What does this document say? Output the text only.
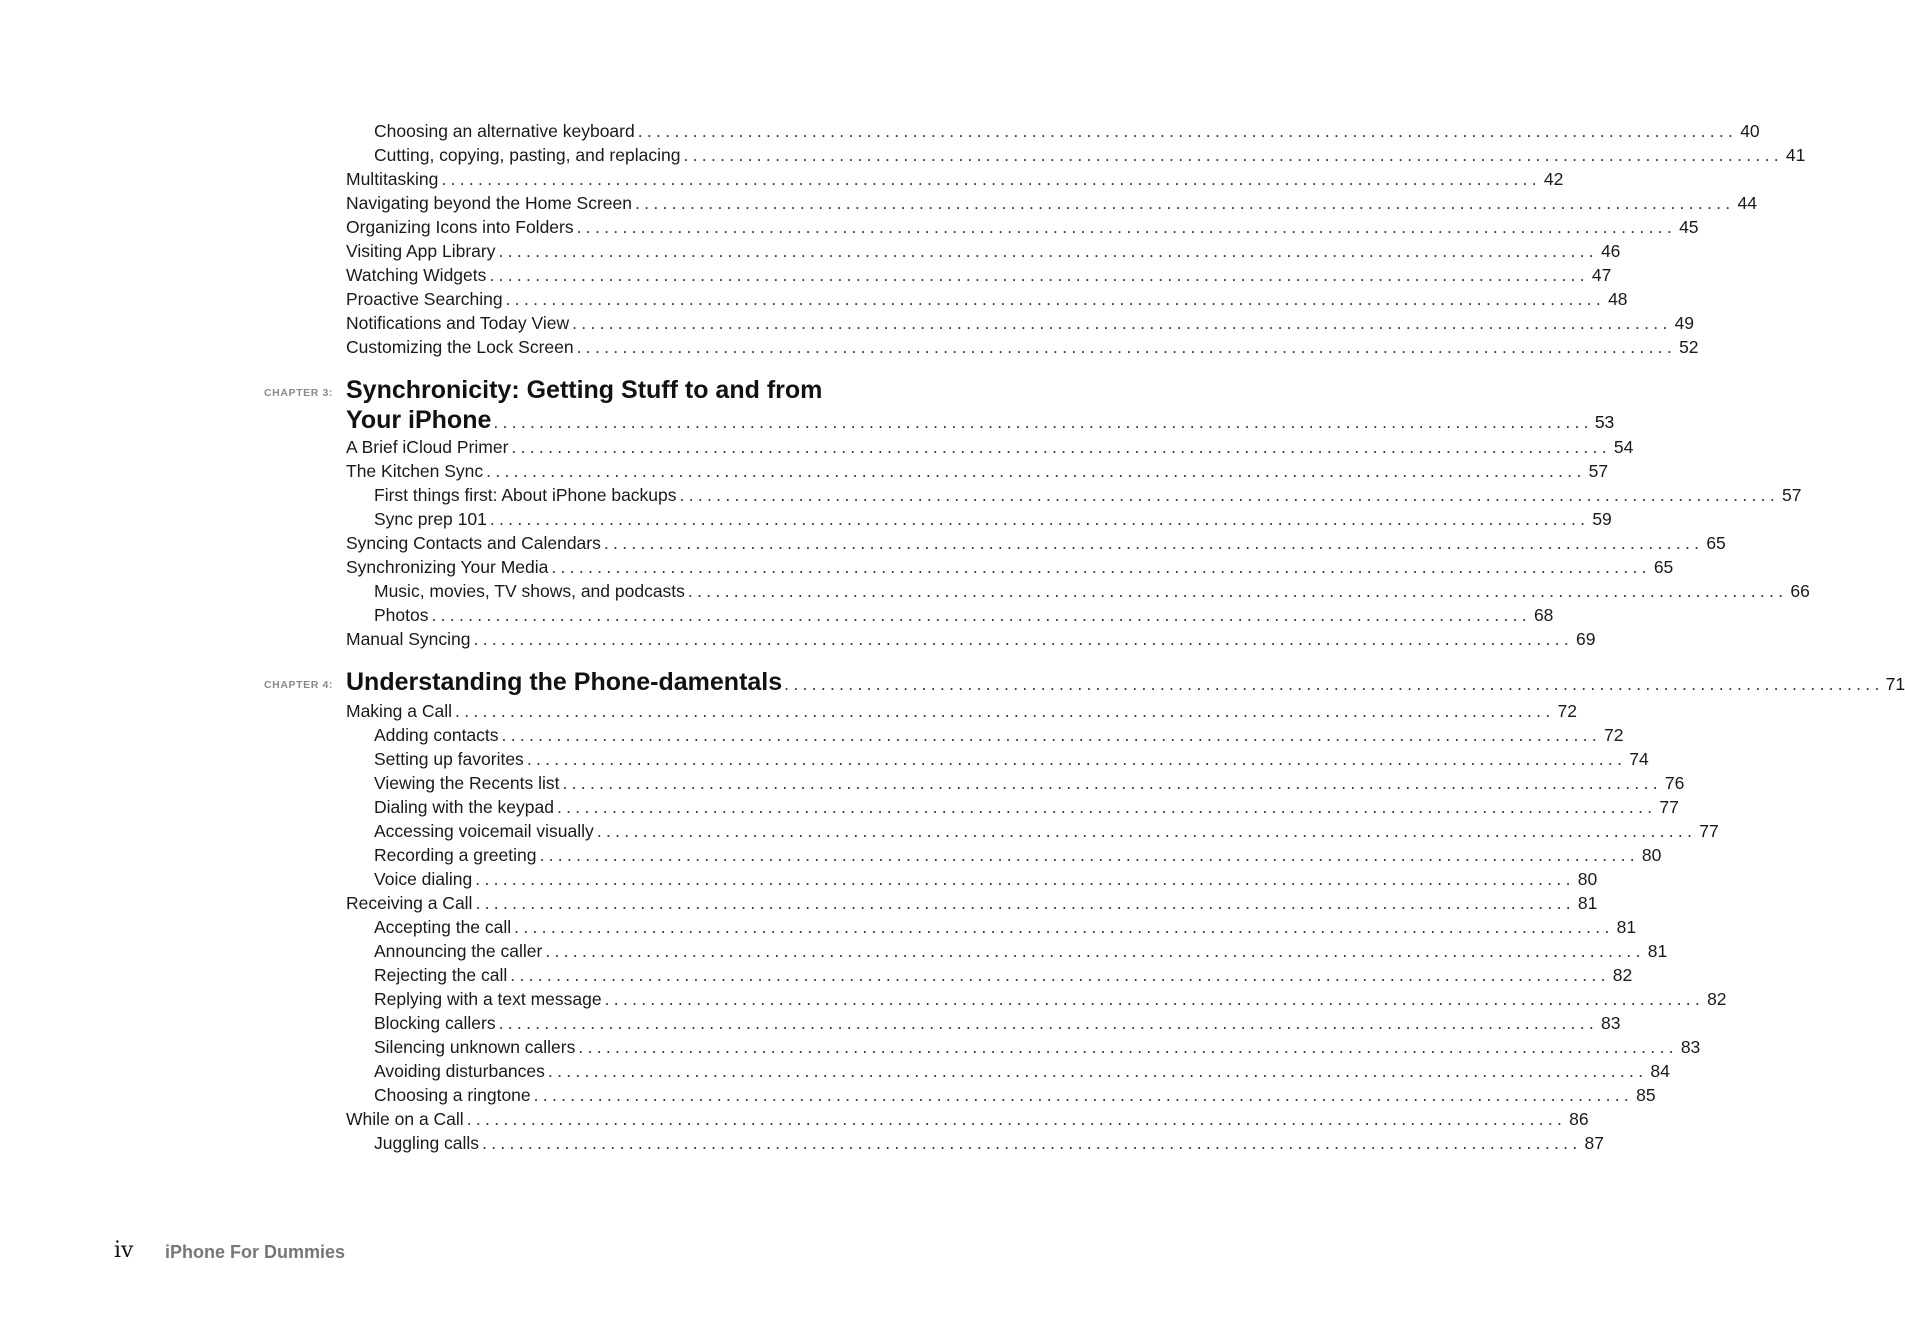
Choosing an alternative keyboard ........................................................................................................................ 40
Cutting, copying, pasting, and replacing ........................................................................................................................ 41
Multitasking ........................................................................................................................ 42
Navigating beyond the Home Screen ........................................................................................................................ 44
Organizing Icons into Folders ........................................................................................................................ 45
Visiting App Library ........................................................................................................................ 46
Watching Widgets ........................................................................................................................ 47
Proactive Searching ........................................................................................................................ 48
Notifications and Today View ........................................................................................................................ 49
Customizing the Lock Screen ........................................................................................................................ 52
CHAPTER 3: Synchronicity: Getting Stuff to and from
Your iPhone ........................................................................................................................ 53
A Brief iCloud Primer ........................................................................................................................ 54
The Kitchen Sync ........................................................................................................................ 57
First things first: About iPhone backups ........................................................................................................................ 57
Sync prep 101 ........................................................................................................................ 59
Syncing Contacts and Calendars ........................................................................................................................ 65
Synchronizing Your Media ........................................................................................................................ 65
Music, movies, TV shows, and podcasts ........................................................................................................................ 66
Photos ........................................................................................................................ 68
Manual Syncing ........................................................................................................................ 69
CHAPTER 4: Understanding the Phone-damentals ........................................................................................................................ 71
Making a Call ........................................................................................................................ 72
Adding contacts ........................................................................................................................ 72
Setting up favorites ........................................................................................................................ 74
Viewing the Recents list ........................................................................................................................ 76
Dialing with the keypad ........................................................................................................................ 77
Accessing voicemail visually ........................................................................................................................ 77
Recording a greeting ........................................................................................................................ 80
Voice dialing ........................................................................................................................ 80
Receiving a Call ........................................................................................................................ 81
Accepting the call ........................................................................................................................ 81
Announcing the caller ........................................................................................................................ 81
Rejecting the call ........................................................................................................................ 82
Replying with a text message ........................................................................................................................ 82
Blocking callers ........................................................................................................................ 83
Silencing unknown callers ........................................................................................................................ 83
Avoiding disturbances ........................................................................................................................ 84
Choosing a ringtone ........................................................................................................................ 85
While on a Call ........................................................................................................................ 86
Juggling calls ........................................................................................................................ 87
iv iPhone For Dummies
